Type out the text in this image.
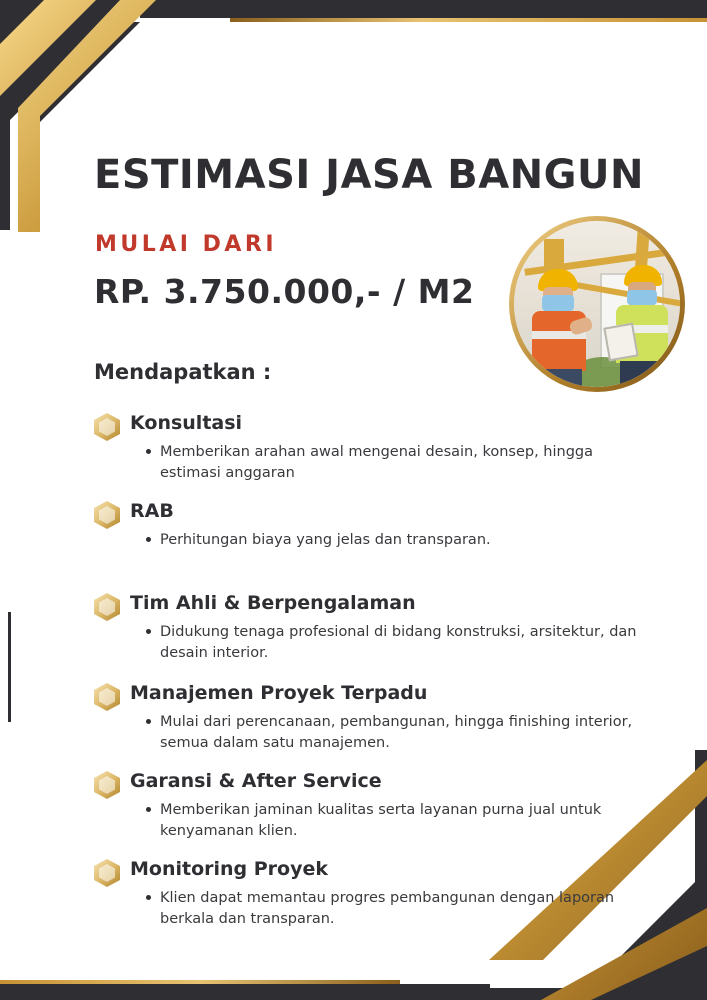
ESTIMASI JASA BANGUN
MULAI DARI
RP. 3.750.000,- / M2
Mendapatkan :
Konsultasi
Memberikan arahan awal mengenai desain, konsep, hingga estimasi anggaran
RAB
Perhitungan biaya yang jelas dan transparan.
Tim Ahli & Berpengalaman
Didukung tenaga profesional di bidang konstruksi, arsitektur, dan desain interior.
Manajemen Proyek Terpadu
Mulai dari perencanaan, pembangunan, hingga finishing interior, semua dalam satu manajemen.
Garansi & After Service
Memberikan jaminan kualitas serta layanan purna jual untuk kenyamanan klien.
Monitoring Proyek
Klien dapat memantau progres pembangunan dengan laporan berkala dan transparan.
